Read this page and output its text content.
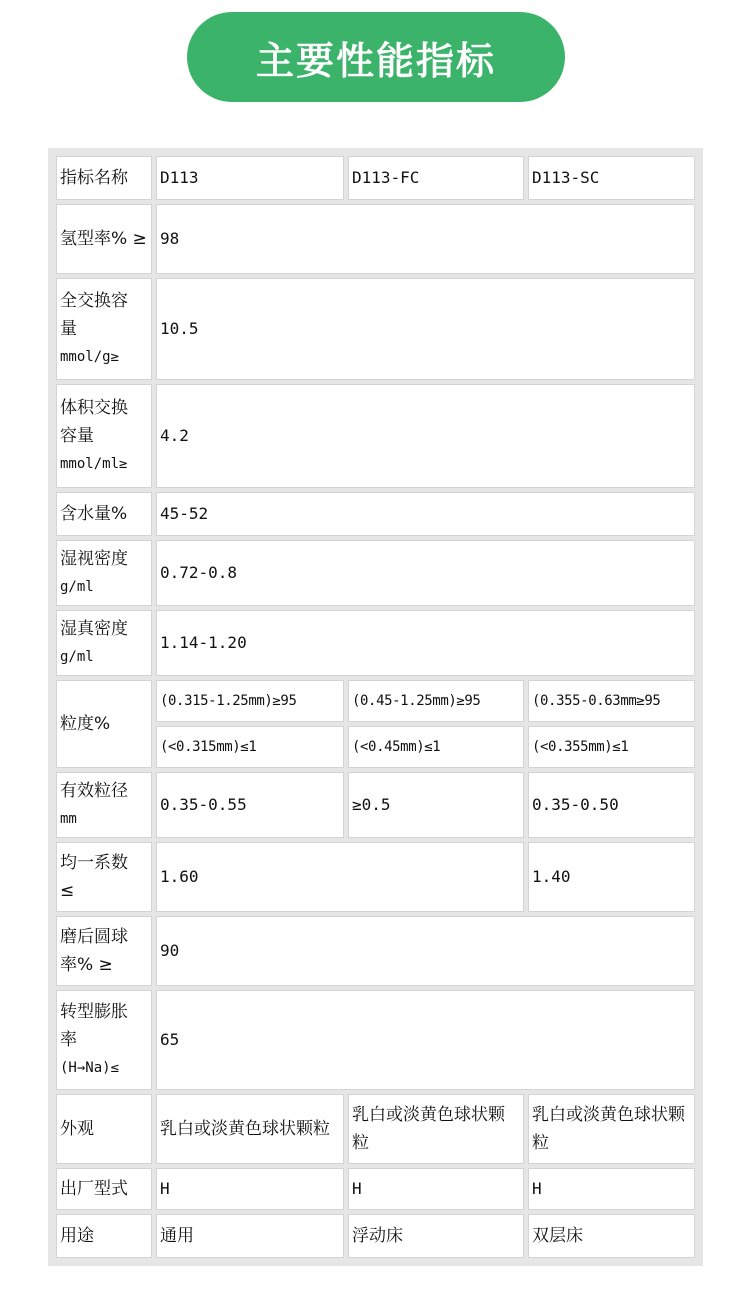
主要性能指标
指标名称	D113	D113-FC	D113-SC
氢型率% ≥	98		

全交换容
量
mmol/g≥	10.5		

体积交换
容量
mmol/ml≥	4.2		
含水量%	45-52		

湿视密度
g/ml	0.72-0.8		

湿真密度
g/ml	1.14-1.20		
粒度%	(0.315-1.25mm)≥95	(0.45-1.25mm)≥95	(0.355-0.63mm≥95
	(<0.315mm)≤1	(<0.45mm)≤1	(<0.355mm)≤1

有效粒径
mm	0.35-0.55	≥0.5	0.35-0.50

均一系数
≤	1.60		1.40

磨后圆球
率% ≥	90		

转型膨胀
率
(H→Na)≤	65		
外观	乳白或淡黄色球状颗粒	乳白或淡黄色球状颗粒	乳白或淡黄色球状颗粒
出厂型式	H	H	H
用途	通用	浮动床	双层床
